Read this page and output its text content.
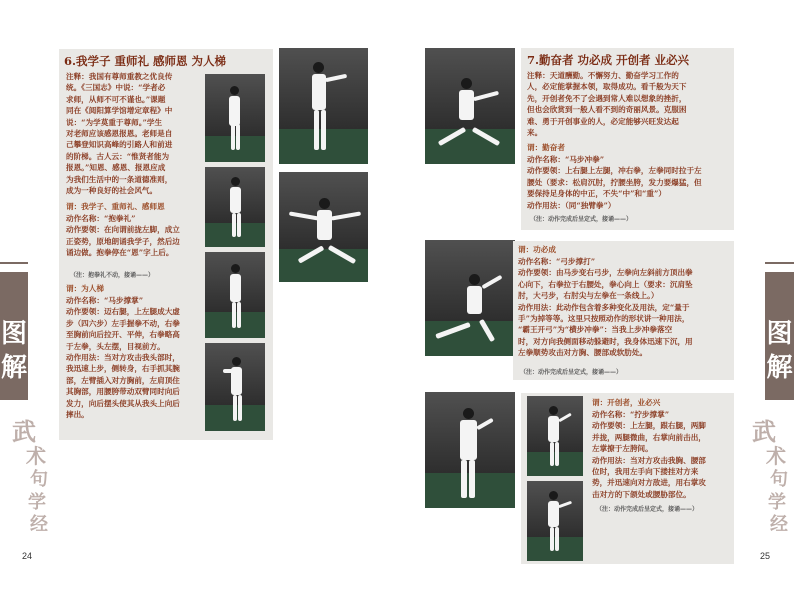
图
解
武
术
句
学
经
6.我学子 重师礼 感师恩 为人梯
注释：我国有尊师重教之优良传
统。《三国志》中说：“学者必
求师，从师不可不谨也。”课题
同在《阅阳算学馆增定章程》中
说：“为学莫重于尊师。”学生
对老师应该感恩报恩。老师是自
己攀登知识高峰的引路人和前进
的阶梯。古人云：“惟贤者能为
报恩。”知恩、感恩、报恩应成
为我们生活中的一条道德准则，
成为一种良好的社会风气。
谓：我学子、重师礼、感师恩
动作名称：“抱拳礼”
动作要领：在向谓前拢左脚，成立
正姿势，原地朗诵我学子，然后边
诵边做。抱拳停在“恩”字上后。
（注：抱拳礼不动，接诵——）
谓：为人梯
动作名称：“马步撑掌”
动作要领：迈右腿，上左腿成大虚
步（四六步）左手握拳不动，右拳
至胸前向后拉开、平伸，右拳略高
于左拳，头左摆，目视前方。
动作用法：当对方攻击我头部时，
我迅速上步，侧转身，右手抓其腕
部，左臂插入对方胸前，左肩顶住
其胸部，用腰胯带动双臂同时向后
发力，向后摆头使其从我头上向后
摔出。
24
图
解
武
术
句
学
经
7.勤奋者 功必成 开创者 业必兴
注释：天道酬勤。不懈努力、勤奋学习工作的
人，必定能掌握本领，取得成功。看千般为天下
先，开创者免不了会遇到常人难以想象的挫折，
但也会欣赏到一般人看不到的奇丽风景。克服困
难、勇于开创事业的人，必定能够兴旺发达起
来。
谓：勤奋者
动作名称：“马步冲拳”
动作要领：上右腿上左腿，冲右拳，左拳同时拉于左
腰处（要求：松肩沉肘，拧腰坐胯，发力要爆猛，但
要保持足身体的中正，不失“中”和“重”）
动作用法：（同“独臂拳”）
（注：动作完成后呈定式，接诵——）
谓：功必成
动作名称：“弓步撑打”
动作要领：由马步变右弓步，左拳向左斜前方顶出拳
心向下，右拳拉于右腰处，拳心向上（要求：沉肩坠
肘，大弓步，右肘尖与左拳在一条线上。）
动作用法：此动作包含着多种变化及用法，定“量于
手”为掉等等。这里只按照动作的形状讲一种用法，
“霸王开弓”为“横步冲拳”：当我上步冲拳落空
时，对方向我侧面移动躲避时，我身体迅速下沉，用
左拳顺势攻击对方胸、腰部或软肋处。
（注：动作完成后呈定式，接诵——）
谓：开创者，业必兴
动作名称：“拧步撑掌”
动作要领：上左腿，跟右腿，两脚
并拢，两腿微曲，右掌向前击出，
左掌撩于左胯间。
动作用法：当对方攻击我胸、腰部
位时，我用左手向下搂挂对方来
势，并迅速向对方敌进，用右掌攻
击对方的下颌处或腰胁部位。
（注：动作完成后呈定式，接诵——）
25
